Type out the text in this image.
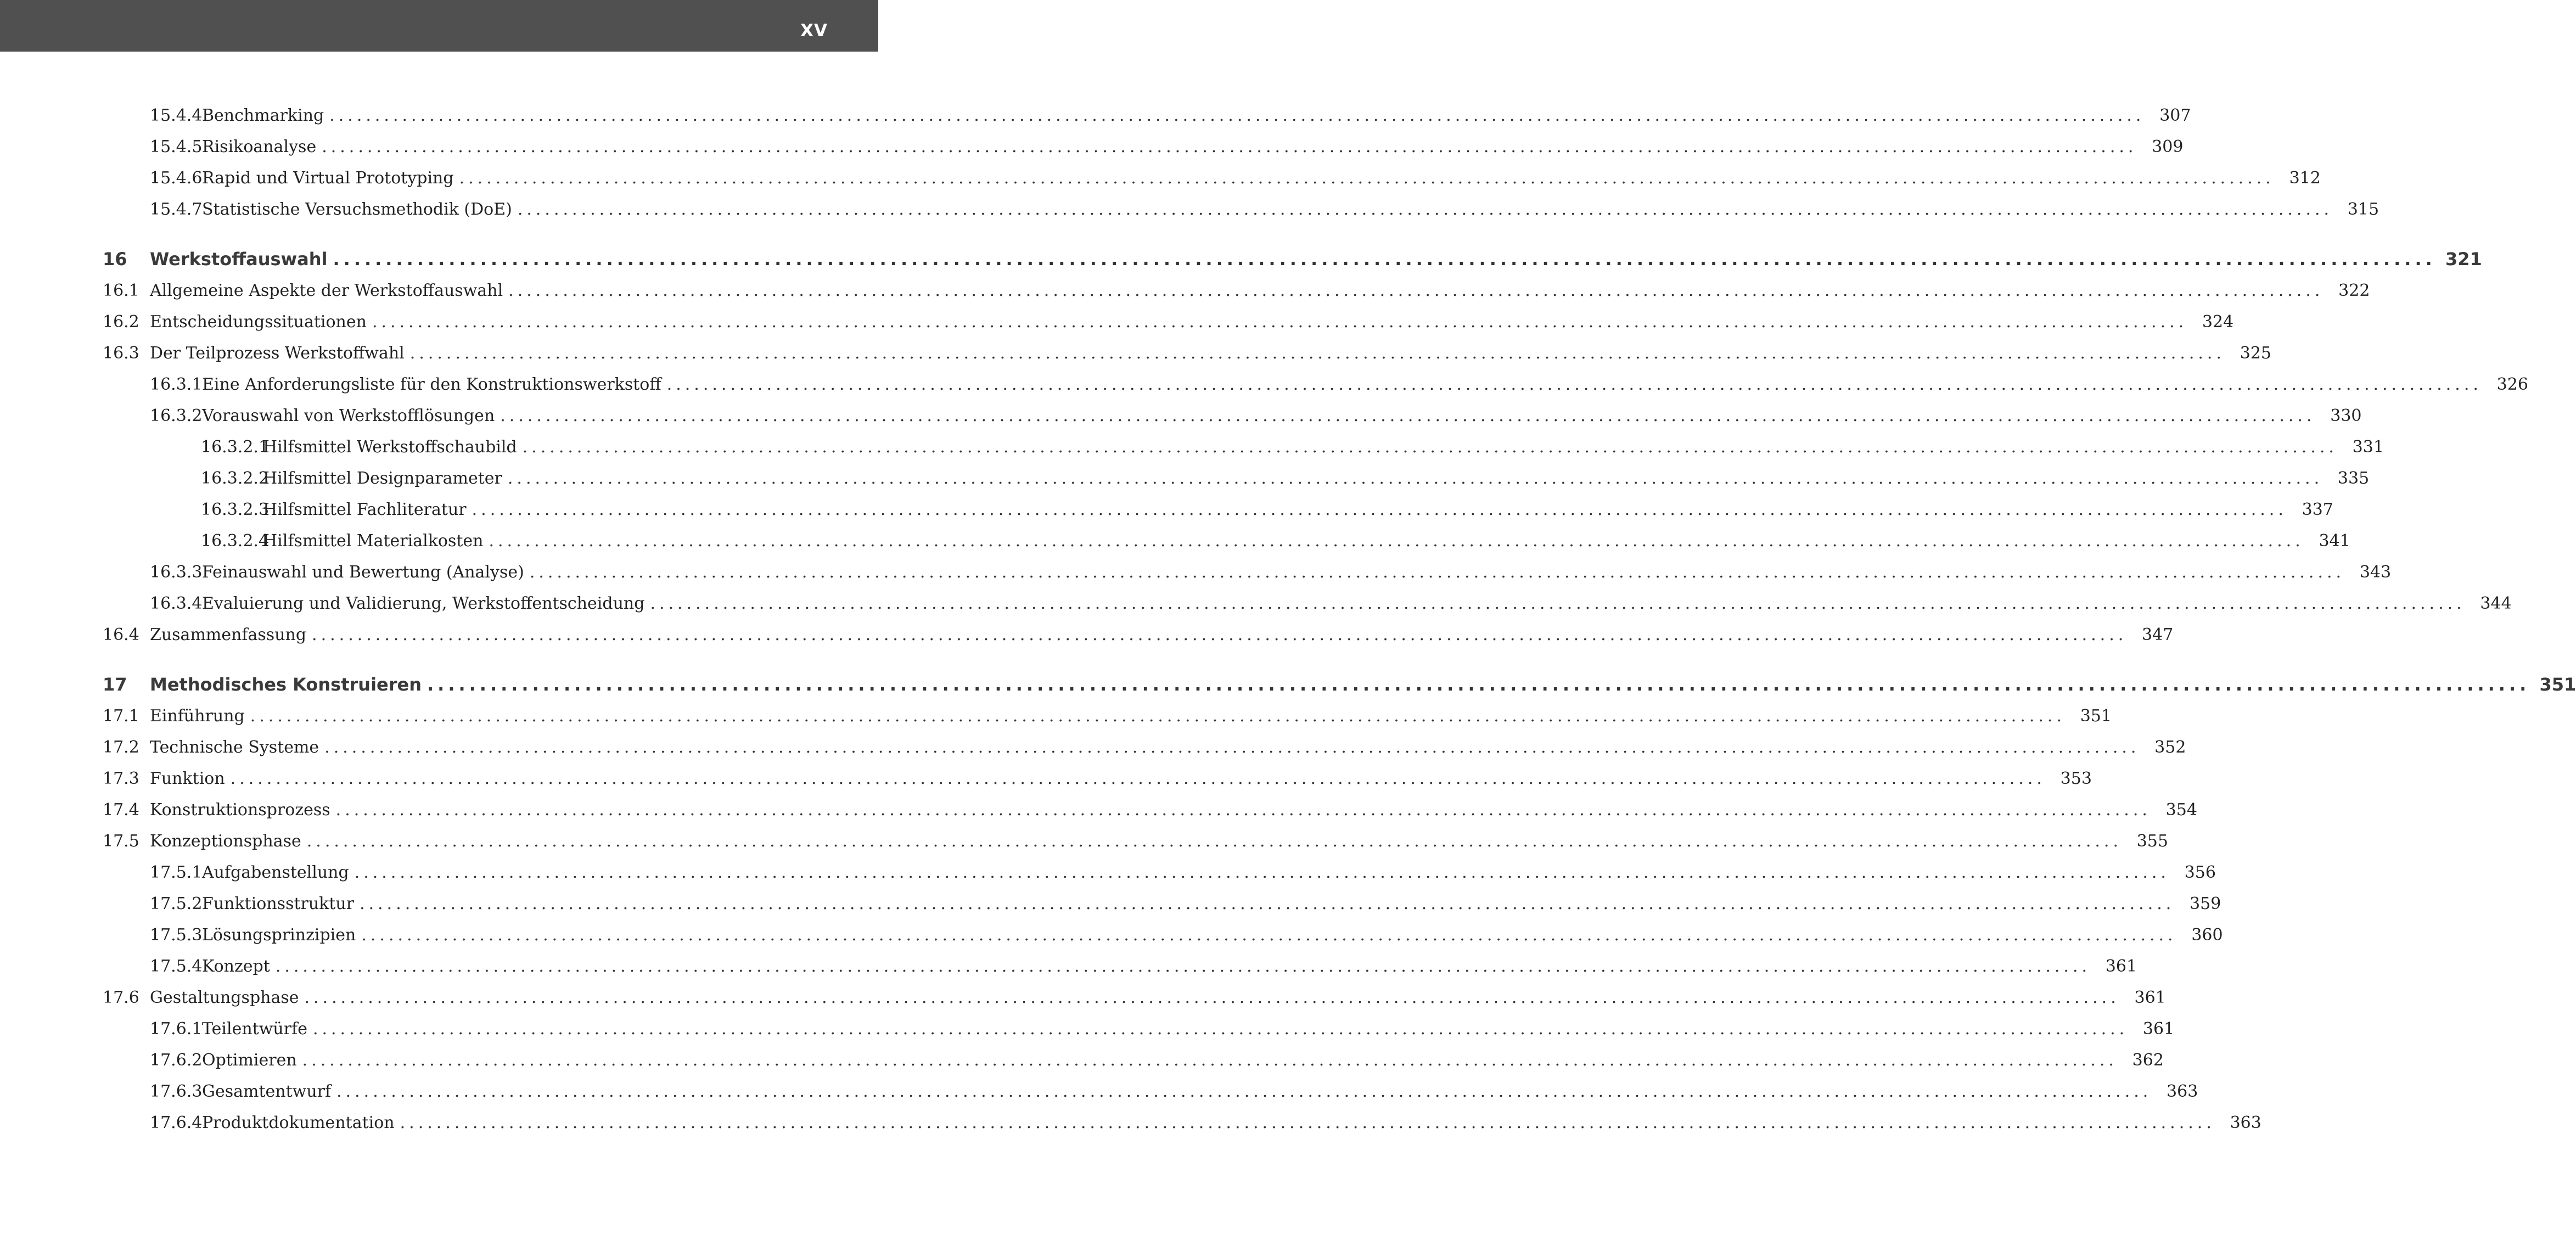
XV
15.4.4 Benchmarking ........................................................................................................................................................................................................ 307
15.4.5 Risikoanalyse ........................................................................................................................................................................................................ 309
15.4.6 Rapid und Virtual Prototyping ........................................................................................................................................................................................................ 312
15.4.7 Statistische Versuchsmethodik (DoE) ........................................................................................................................................................................................................ 315
16	Werkstoffauswahl ........................................................................................................................................................................................................ 321
16.1 Allgemeine Aspekte der Werkstoffauswahl ........................................................................................................................................................................................................ 322
16.2 Entscheidungssituationen ........................................................................................................................................................................................................ 324
16.3 Der Teilprozess Werkstoffwahl ........................................................................................................................................................................................................ 325
16.3.1 Eine Anforderungsliste für den Konstruktionswerkstoff ........................................................................................................................................................................................................ 326
16.3.2 Vorauswahl von Werkstofflösungen ........................................................................................................................................................................................................ 330
16.3.2.1
Hilfsmittel Werkstoffschaubild ........................................................................................................................................................................................................ 331
16.3.2.2
Hilfsmittel Designparameter ........................................................................................................................................................................................................ 335
16.3.2.3
Hilfsmittel Fachliteratur ........................................................................................................................................................................................................ 337
16.3.2.4
Hilfsmittel Materialkosten ........................................................................................................................................................................................................ 341
16.3.3 Feinauswahl und Bewertung (Analyse) ........................................................................................................................................................................................................ 343
16.3.4 Evaluierung und Validierung, Werkstoffentscheidung ........................................................................................................................................................................................................ 344
16.4 Zusammenfassung ........................................................................................................................................................................................................ 347
17	Methodisches Konstruieren ........................................................................................................................................................................................................ 351
17.1 Einführung ........................................................................................................................................................................................................ 351
17.2 Technische Systeme ........................................................................................................................................................................................................ 352
17.3 Funktion ........................................................................................................................................................................................................ 353
17.4 Konstruktionsprozess ........................................................................................................................................................................................................ 354
17.5 Konzeptionsphase ........................................................................................................................................................................................................ 355
17.5.1 Aufgabenstellung ........................................................................................................................................................................................................ 356
17.5.2 Funktionsstruktur ........................................................................................................................................................................................................ 359
17.5.3 Lösungsprinzipien ........................................................................................................................................................................................................ 360
17.5.4 Konzept ........................................................................................................................................................................................................ 361
17.6 Gestaltungsphase ........................................................................................................................................................................................................ 361
17.6.1 Teilentwürfe ........................................................................................................................................................................................................ 361
17.6.2 Optimieren ........................................................................................................................................................................................................ 362
17.6.3 Gesamtentwurf ........................................................................................................................................................................................................ 363
17.6.4 Produktdokumentation ........................................................................................................................................................................................................ 363
